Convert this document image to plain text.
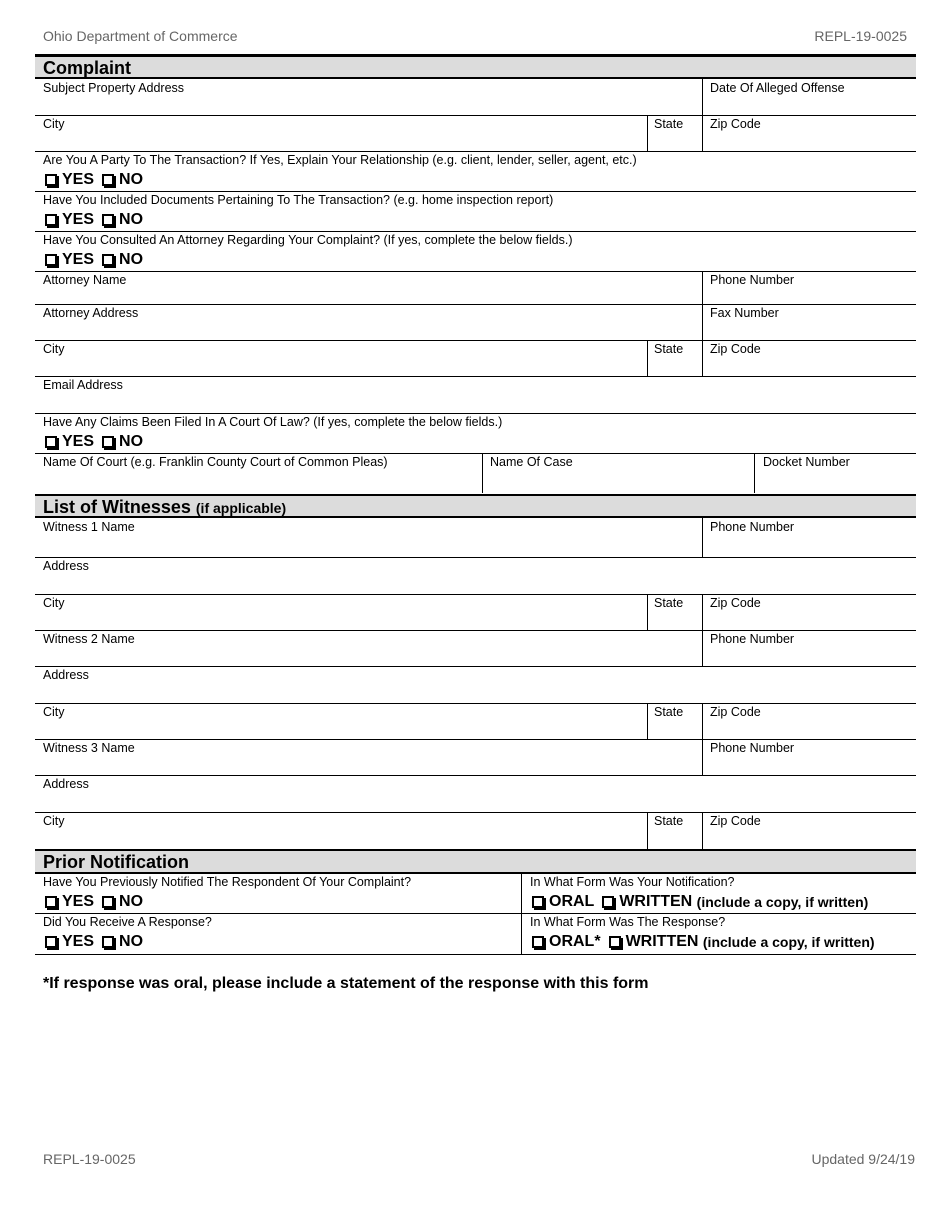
Ohio Department of Commerce	REPL-19-0025
Complaint
Subject Property Address	Date Of Alleged Offense
City	State Zip Code
Are You A Party To The Transaction? If Yes, Explain Your Relationship (e.g. client, lender, seller, agent, etc.)
YES NO
Have You Included Documents Pertaining To The Transaction? (e.g. home inspection report)
YES NO
Have You Consulted An Attorney Regarding Your Complaint? (If yes, complete the below fields.)
YES NO
Attorney Name	Phone Number
Attorney Address	Fax Number
City	State Zip Code
Email Address
Have Any Claims Been Filed In A Court Of Law? (If yes, complete the below fields.)
YES NO
Name Of Court (e.g. Franklin County Court of Common Pleas)	Name Of Case	Docket Number
List of Witnesses (if applicable)
Witness 1 Name	Phone Number
Address
City	State Zip Code
Witness 2 Name	Phone Number
Address
City	State Zip Code
Witness 3 Name	Phone Number
Address
City	State Zip Code
Prior Notification
Have You Previously Notified The Respondent Of Your Complaint?	In What Form Was Your Notification?
YES NO	ORAL WRITTEN
(include a copy, if written)
Did You Receive A Response?	In What Form Was The Response?
YES NO	ORAL* WRITTEN
(include a copy, if written)
*If response was oral, please include a statement of the response with this form
REPL-19-0025	Updated 9/24/19
